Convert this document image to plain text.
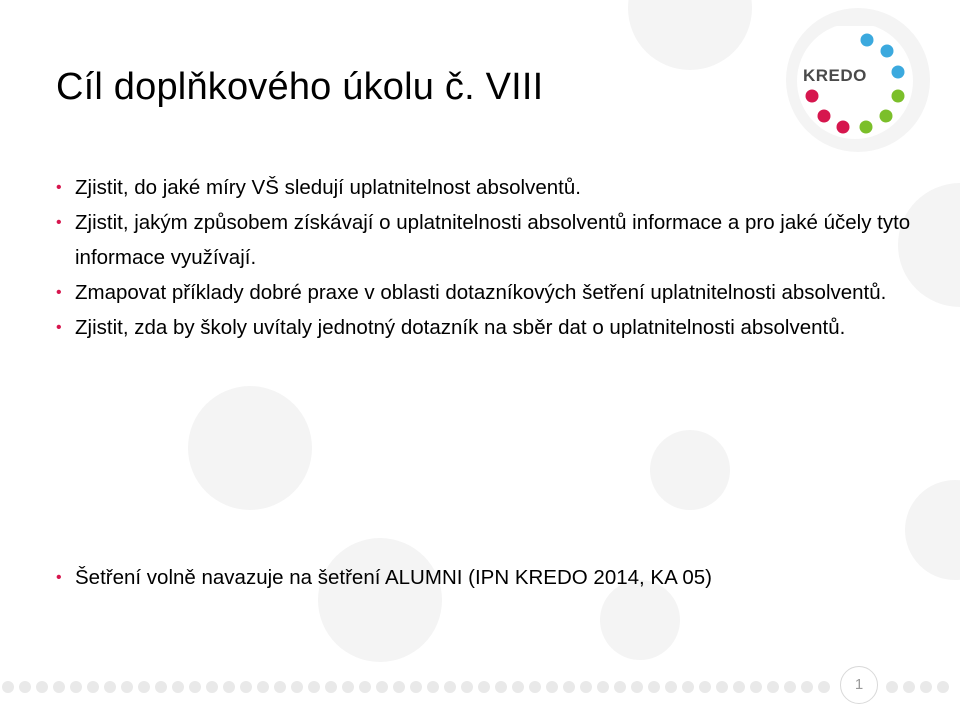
Cíl doplňkového úkolu č. VIII	KREDO
• Zjistit, do jaké míry VŠ sledují uplatnitelnost absolventů.
• Zjistit, jakým způsobem získávají o uplatnitelnosti absolventů informace a pro jaké účely tyto informace využívají.
• Zmapovat příklady dobré praxe v oblasti dotazníkových šetření uplatnitelnosti absolventů.
• Zjistit, zda by školy uvítaly jednotný dotazník na sběr dat o uplatnitelnosti absolventů.
• Šetření volně navazuje na šetření ALUMNI (IPN KREDO 2014, KA 05)
1
